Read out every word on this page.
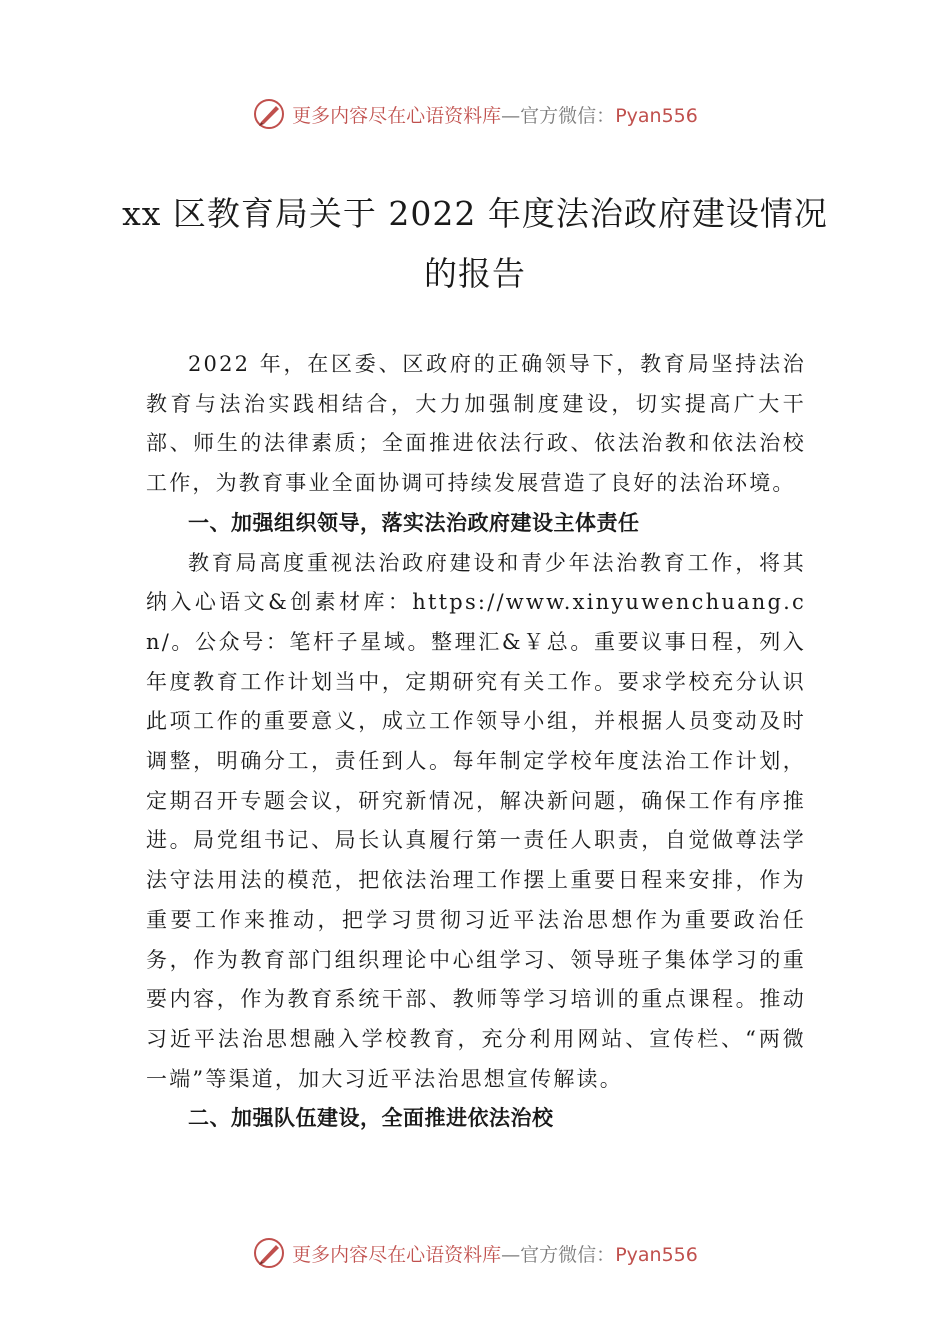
更多内容尽在心语资料库—官方微信：Pyan556
xx 区教育局关于 2022 年度法治政府建设情况的报告

2022 年，在区委、区政府的正确领导下，教育局坚持法治教育与法治实践相结合，大力加强制度建设，切实提高广大干部、师生的法律素质；全面推进依法行政、依法治教和依法治校工作，为教育事业全面协调可持续发展营造了良好的法治环境。

一、加强组织领导，落实法治政府建设主体责任

教育局高度重视法治政府建设和青少年法治教育工作，将其纳入心语文&创素材库：https://www.xinyuwenchuang.cn/。公众号：笔杆子星域。整理汇&￥总。重要议事日程，列入年度教育工作计划当中，定期研究有关工作。要求学校充分认识此项工作的重要意义，成立工作领导小组，并根据人员变动及时调整，明确分工，责任到人。每年制定学校年度法治工作计划，定期召开专题会议，研究新情况，解决新问题，确保工作有序推进。局党组书记、局长认真履行第一责任人职责，自觉做尊法学法守法用法的模范，把依法治理工作摆上重要日程来安排，作为重要工作来推动，把学习贯彻习近平法治思想作为重要政治任务，作为教育部门组织理论中心组学习、领导班子集体学习的重要内容，作为教育系统干部、教师等学习培训的重点课程。推动习近平法治思想融入学校教育，充分利用网站、宣传栏、“两微一端”等渠道，加大习近平法治思想宣传解读。

二、加强队伍建设，全面推进依法治校
更多内容尽在心语资料库—官方微信：Pyan556
